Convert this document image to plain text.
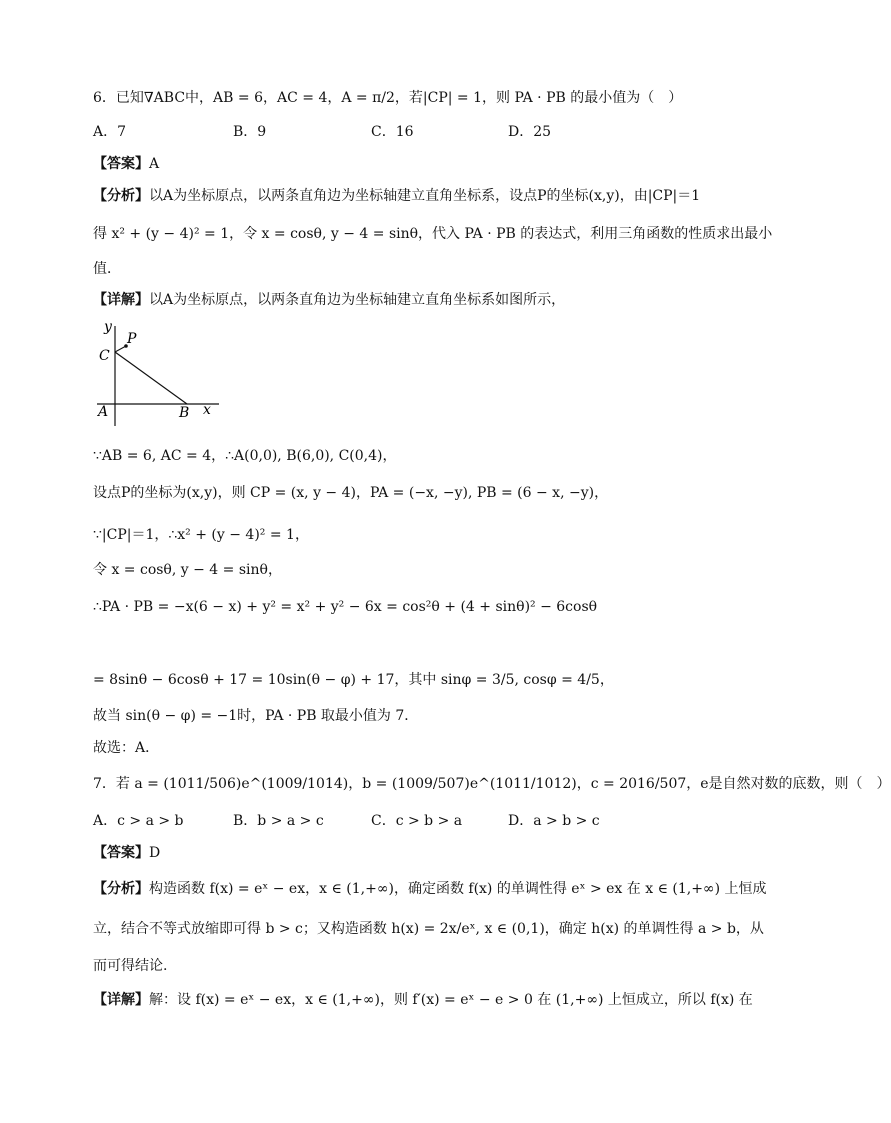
6．已知∇ABC中，AB = 6，AC = 4，A = π/2，若|CP| = 1，则 PA · PB 的最小值为（　）
A．7	B．9	C．16	D．25
【答案】A
【分析】以A为坐标原点，以两条直角边为坐标轴建立直角坐标系，设点P的坐标(x,y)，由|CP|＝1
得 x² + (y − 4)² = 1，令 x = cosθ, y − 4 = sinθ，代入 PA · PB 的表达式，利用三角函数的性质求出最小
值．
【详解】以A为坐标原点，以两条直角边为坐标轴建立直角坐标系如图所示，
y
x
A	B
C
P
∵AB = 6, AC = 4，∴A(0,0), B(6,0), C(0,4)，
设点P的坐标为(x,y)，则 CP = (x, y − 4)，PA = (−x, −y), PB = (6 − x, −y)，
∵|CP|＝1，∴x² + (y − 4)² = 1，
令 x = cosθ, y − 4 = sinθ，
∴PA · PB = −x(6 − x) + y² = x² + y² − 6x = cos²θ + (4 + sinθ)² − 6cosθ
= 8sinθ − 6cosθ + 17 = 10sin(θ − φ) + 17，其中 sinφ = 3/5, cosφ = 4/5，
故当 sin(θ − φ) = −1时，PA · PB 取最小值为 7．
故选：A．
7．若 a = (1011/506)e^(1009/1014)，b = (1009/507)e^(1011/1012)，c = 2016/507，e是自然对数的底数，则（　）
A．c > a > b	B．b > a > c	C．c > b > a	D．a > b > c
【答案】D
【分析】构造函数 f(x) = eˣ − ex，x ∈ (1,+∞)，确定函数 f(x) 的单调性得 eˣ > ex 在 x ∈ (1,+∞) 上恒成
立，结合不等式放缩即可得 b > c；又构造函数 h(x) = 2x/eˣ, x ∈ (0,1)，确定 h(x) 的单调性得 a > b，从
而可得结论.
【详解】解：设 f(x) = eˣ − ex，x ∈ (1,+∞)，则 f′(x) = eˣ − e > 0 在 (1,+∞) 上恒成立，所以 f(x) 在
